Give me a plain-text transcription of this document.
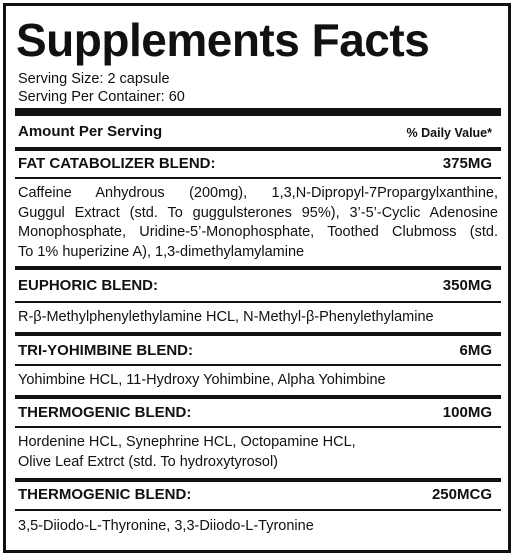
Supplements Facts
Serving Size: 2 capsule
Serving Per Container: 60
Amount Per Serving	% Daily Value*
FAT CATABOLIZER BLEND:	375MG
Caffeine Anhydrous (200mg), 1,3,N-Dipropyl-7Propargylxanthine,
Guggul Extract (std. To guggulsterones 95%), 3’-5’-Cyclic Adenosine
Monophosphate, Uridine-5’-Monophosphate, Toothed Clubmoss (std.
To 1% huperizine A), 1,3-dimethylamylamine
EUPHORIC BLEND:	350MG
R-β-Methylphenylethylamine HCL, N-Methyl-β-Phenylethylamine
TRI-YOHIMBINE BLEND:	6MG
Yohimbine HCL, 11-Hydroxy Yohimbine, Alpha Yohimbine
THERMOGENIC BLEND:	100MG
Hordenine HCL, Synephrine HCL, Octopamine HCL,
Olive Leaf Extrct (std. To hydroxytyrosol)
THERMOGENIC BLEND:	250MCG
3,5-Diiodo-L-Thyronine, 3,3-Diiodo-L-Tyronine
